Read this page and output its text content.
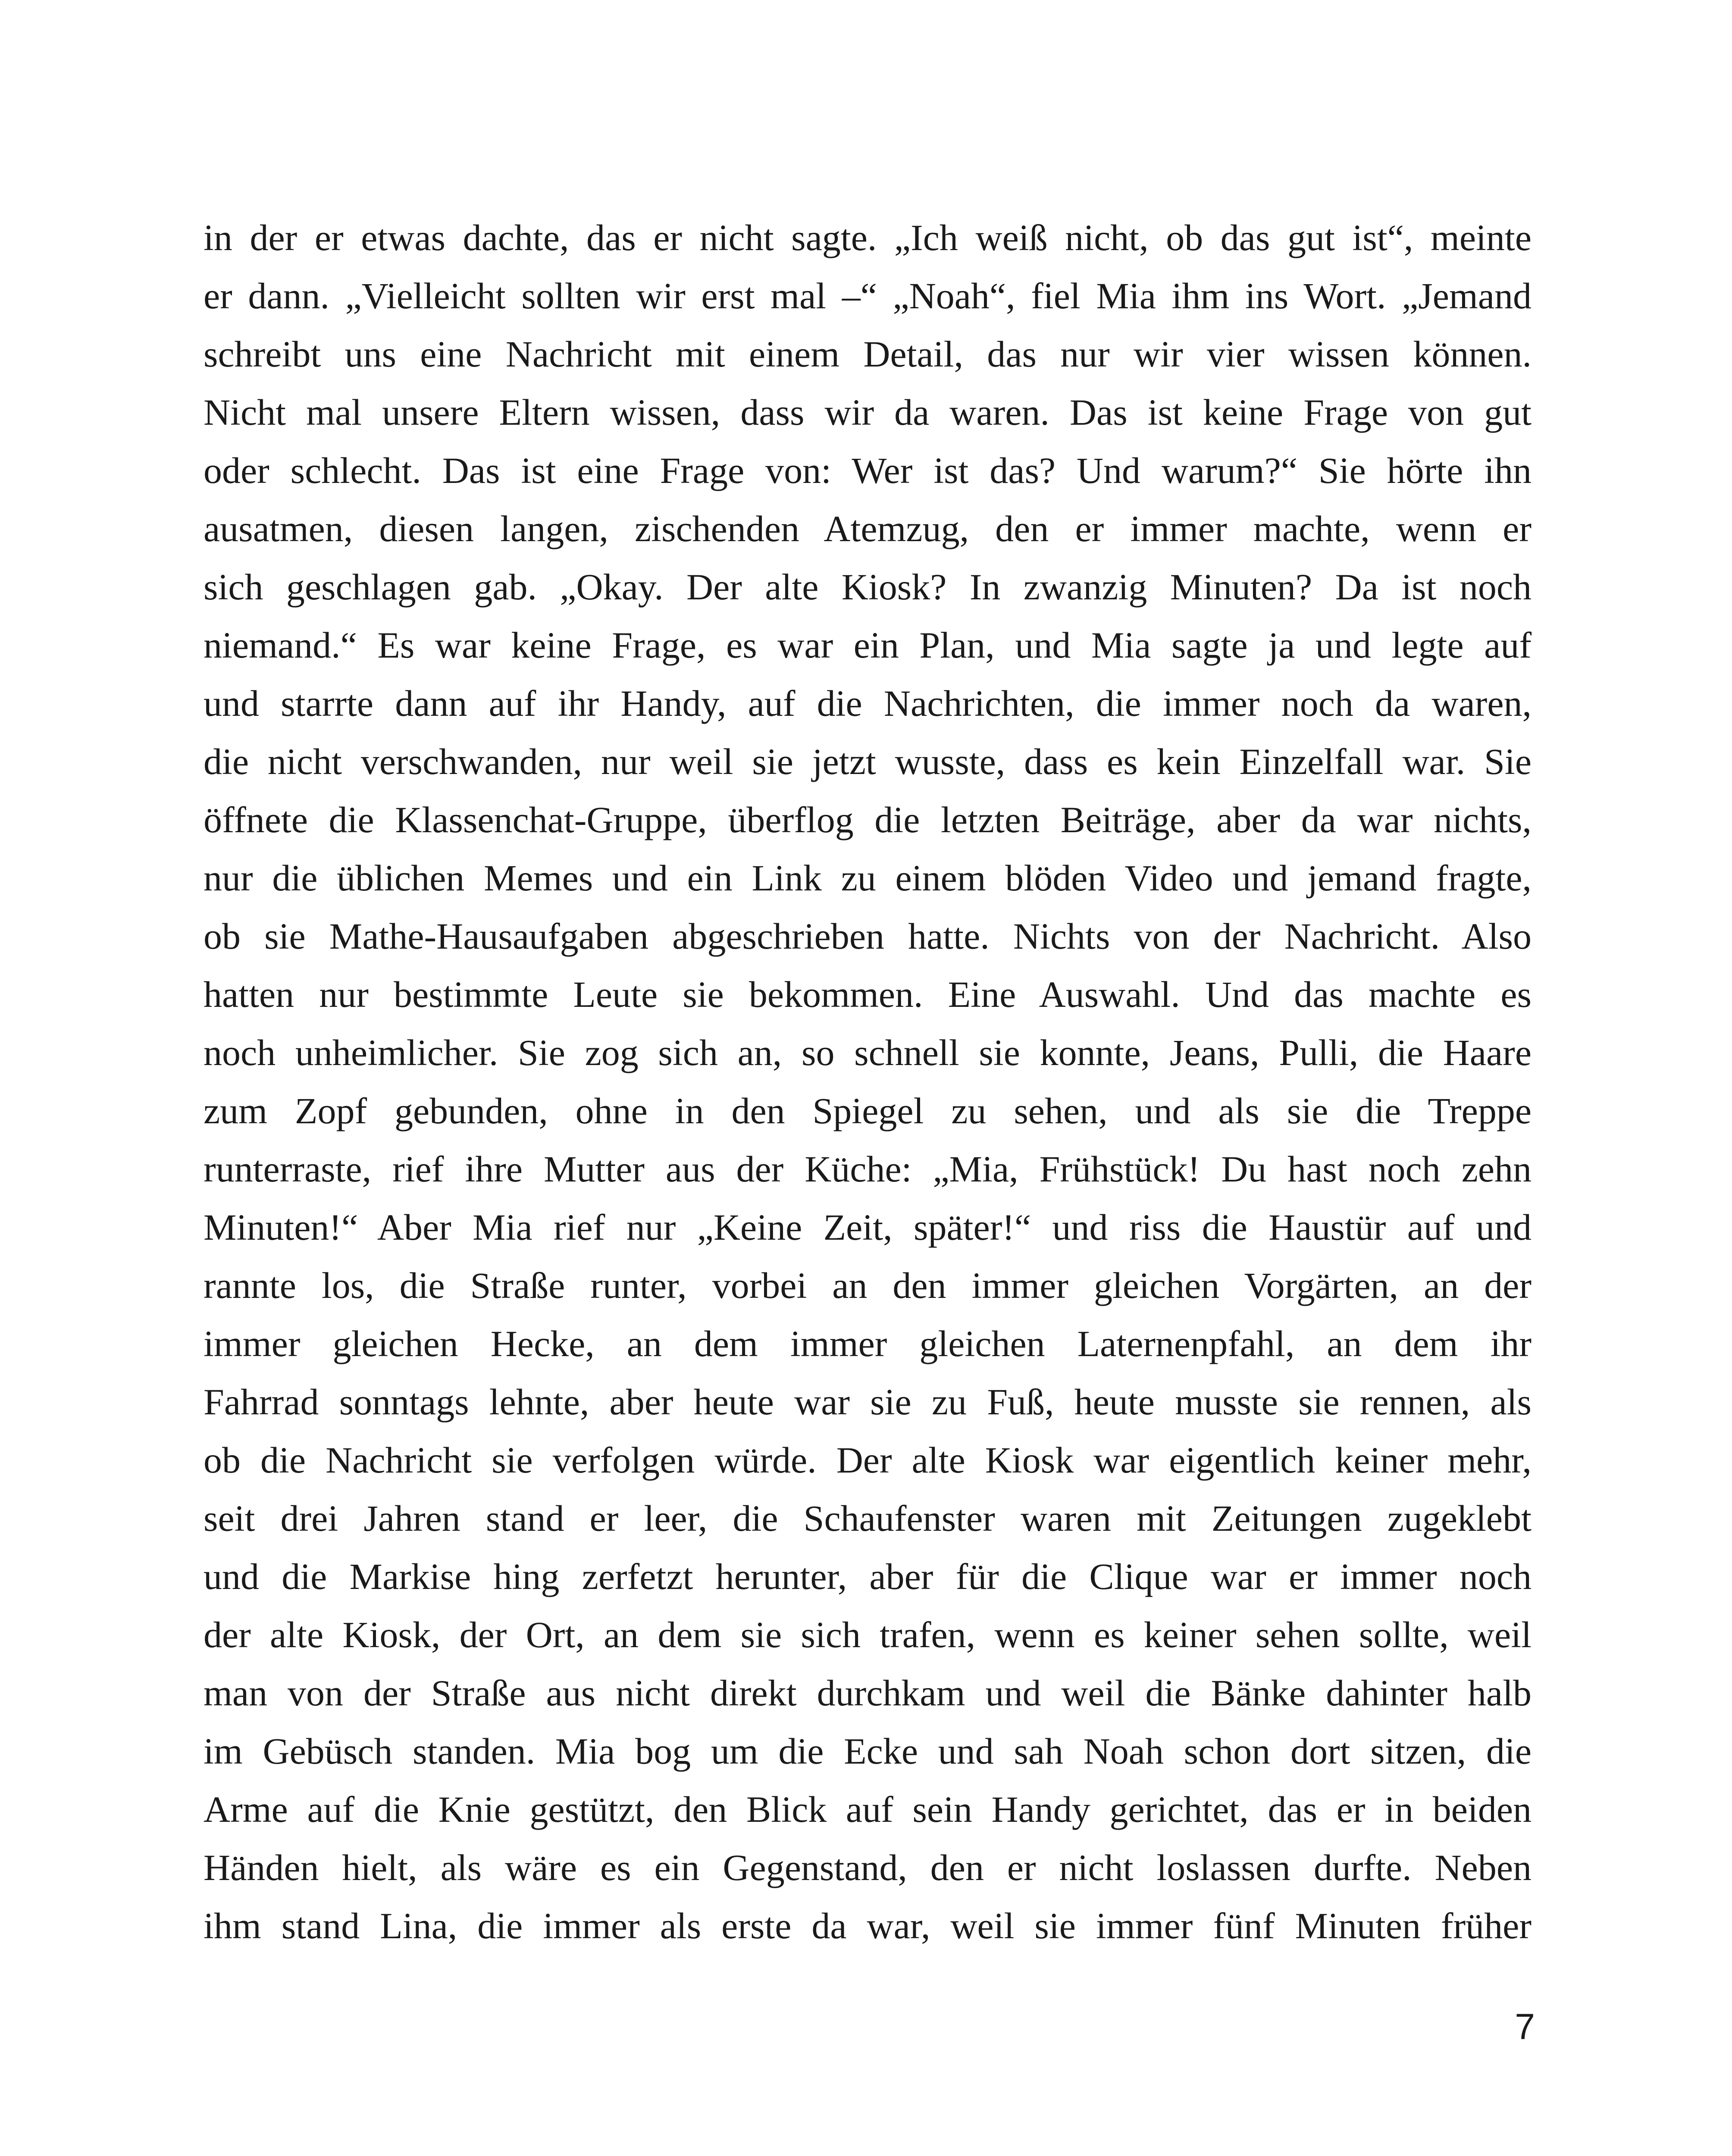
in der er etwas dachte, das er nicht sagte. „Ich weiß nicht, ob das gut ist“, meinte
er dann. „Vielleicht sollten wir erst mal –“ „Noah“, fiel Mia ihm ins Wort. „Jemand
schreibt uns eine Nachricht mit einem Detail, das nur wir vier wissen können.
Nicht mal unsere Eltern wissen, dass wir da waren. Das ist keine Frage von gut
oder schlecht. Das ist eine Frage von: Wer ist das? Und warum?“ Sie hörte ihn
ausatmen, diesen langen, zischenden Atemzug, den er immer machte, wenn er
sich geschlagen gab. „Okay. Der alte Kiosk? In zwanzig Minuten? Da ist noch
niemand.“ Es war keine Frage, es war ein Plan, und Mia sagte ja und legte auf
und starrte dann auf ihr Handy, auf die Nachrichten, die immer noch da waren,
die nicht verschwanden, nur weil sie jetzt wusste, dass es kein Einzelfall war. Sie
öffnete die Klassenchat-Gruppe, überflog die letzten Beiträge, aber da war nichts,
nur die üblichen Memes und ein Link zu einem blöden Video und jemand fragte,
ob sie Mathe-Hausaufgaben abgeschrieben hatte. Nichts von der Nachricht. Also
hatten nur bestimmte Leute sie bekommen. Eine Auswahl. Und das machte es
noch unheimlicher. Sie zog sich an, so schnell sie konnte, Jeans, Pulli, die Haare
zum Zopf gebunden, ohne in den Spiegel zu sehen, und als sie die Treppe
runterraste, rief ihre Mutter aus der Küche: „Mia, Frühstück! Du hast noch zehn
Minuten!“ Aber Mia rief nur „Keine Zeit, später!“ und riss die Haustür auf und
rannte los, die Straße runter, vorbei an den immer gleichen Vorgärten, an der
immer gleichen Hecke, an dem immer gleichen Laternenpfahl, an dem ihr
Fahrrad sonntags lehnte, aber heute war sie zu Fuß, heute musste sie rennen, als
ob die Nachricht sie verfolgen würde. Der alte Kiosk war eigentlich keiner mehr,
seit drei Jahren stand er leer, die Schaufenster waren mit Zeitungen zugeklebt
und die Markise hing zerfetzt herunter, aber für die Clique war er immer noch
der alte Kiosk, der Ort, an dem sie sich trafen, wenn es keiner sehen sollte, weil
man von der Straße aus nicht direkt durchkam und weil die Bänke dahinter halb
im Gebüsch standen. Mia bog um die Ecke und sah Noah schon dort sitzen, die
Arme auf die Knie gestützt, den Blick auf sein Handy gerichtet, das er in beiden
Händen hielt, als wäre es ein Gegenstand, den er nicht loslassen durfte. Neben
ihm stand Lina, die immer als erste da war, weil sie immer fünf Minuten früher
7
